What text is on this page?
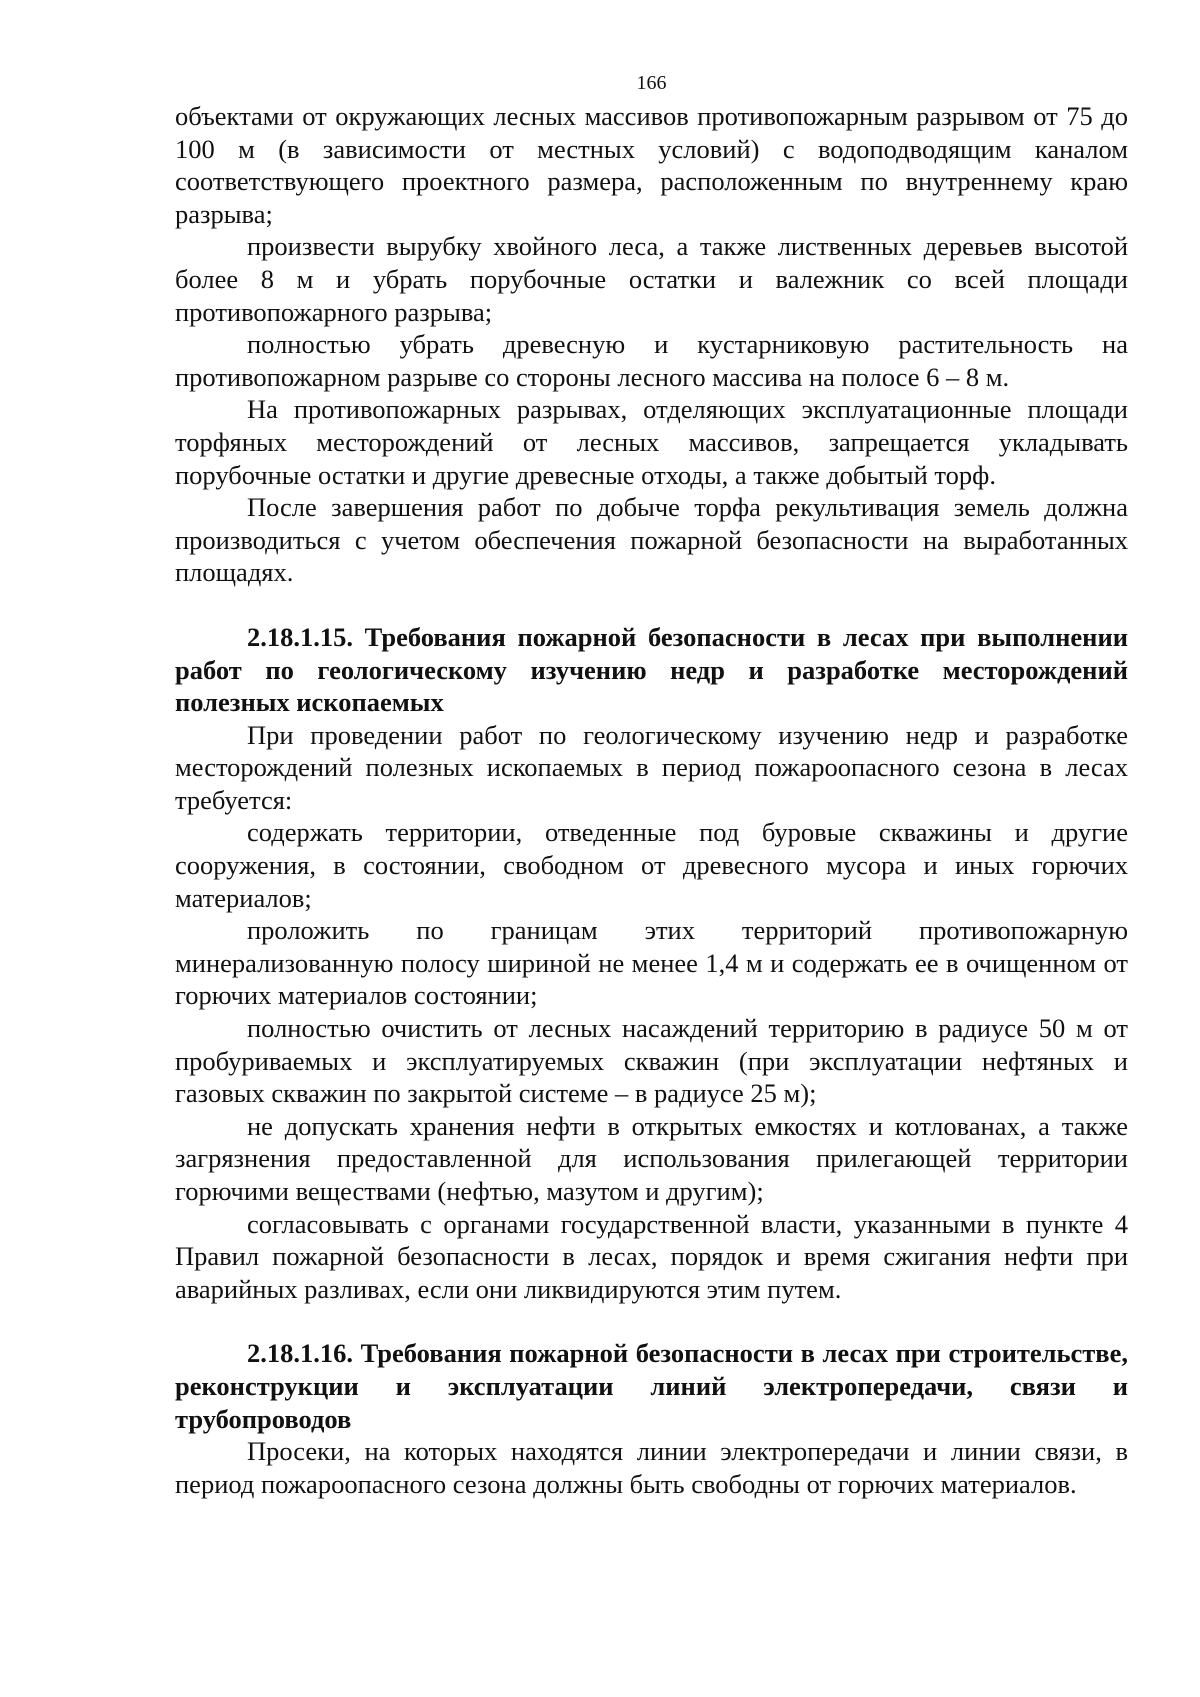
166

объектами от окружающих лесных массивов противопожарным разрывом от 75 до 100 м (в зависимости от местных условий) с водоподводящим каналом соответствующего проектного размера, расположенным по внутреннему краю разрыва;

произвести вырубку хвойного леса, а также лиственных деревьев высотой более 8 м и убрать порубочные остатки и валежник со всей площади противопожарного разрыва;

полностью убрать древесную и кустарниковую растительность на противопожарном разрыве со стороны лесного массива на полосе 6 – 8 м.

На противопожарных разрывах, отделяющих эксплуатационные площади торфяных месторождений от лесных массивов, запрещается укладывать порубочные остатки и другие древесные отходы, а также добытый торф.

После завершения работ по добыче торфа рекультивация земель должна производиться с учетом обеспечения пожарной безопасности на выработанных площадях.

2.18.1.15. Требования пожарной безопасности в лесах при выполнении работ по геологическому изучению недр и разработке месторождений полезных ископаемых

При проведении работ по геологическому изучению недр и разработке месторождений полезных ископаемых в период пожароопасного сезона в лесах требуется:

содержать территории, отведенные под буровые скважины и другие сооружения, в состоянии, свободном от древесного мусора и иных горючих материалов;

проложить по границам этих территорий противопожарную минерализованную полосу шириной не менее 1,4 м и содержать ее в очищенном от горючих материалов состоянии;

полностью очистить от лесных насаждений территорию в радиусе 50 м от пробуриваемых и эксплуатируемых скважин (при эксплуатации нефтяных и газовых скважин по закрытой системе – в радиусе 25 м);

не допускать хранения нефти в открытых емкостях и котлованах, а также загрязнения предоставленной для использования прилегающей территории горючими веществами (нефтью, мазутом и другим);

согласовывать с органами государственной власти, указанными в пункте 4 Правил пожарной безопасности в лесах, порядок и время сжигания нефти при аварийных разливах, если они ликвидируются этим путем.

2.18.1.16. Требования пожарной безопасности в лесах при строительстве, реконструкции и эксплуатации линий электропередачи, связи и трубопроводов

Просеки, на которых находятся линии электропередачи и линии связи, в период пожароопасного сезона должны быть свободны от горючих материалов.
